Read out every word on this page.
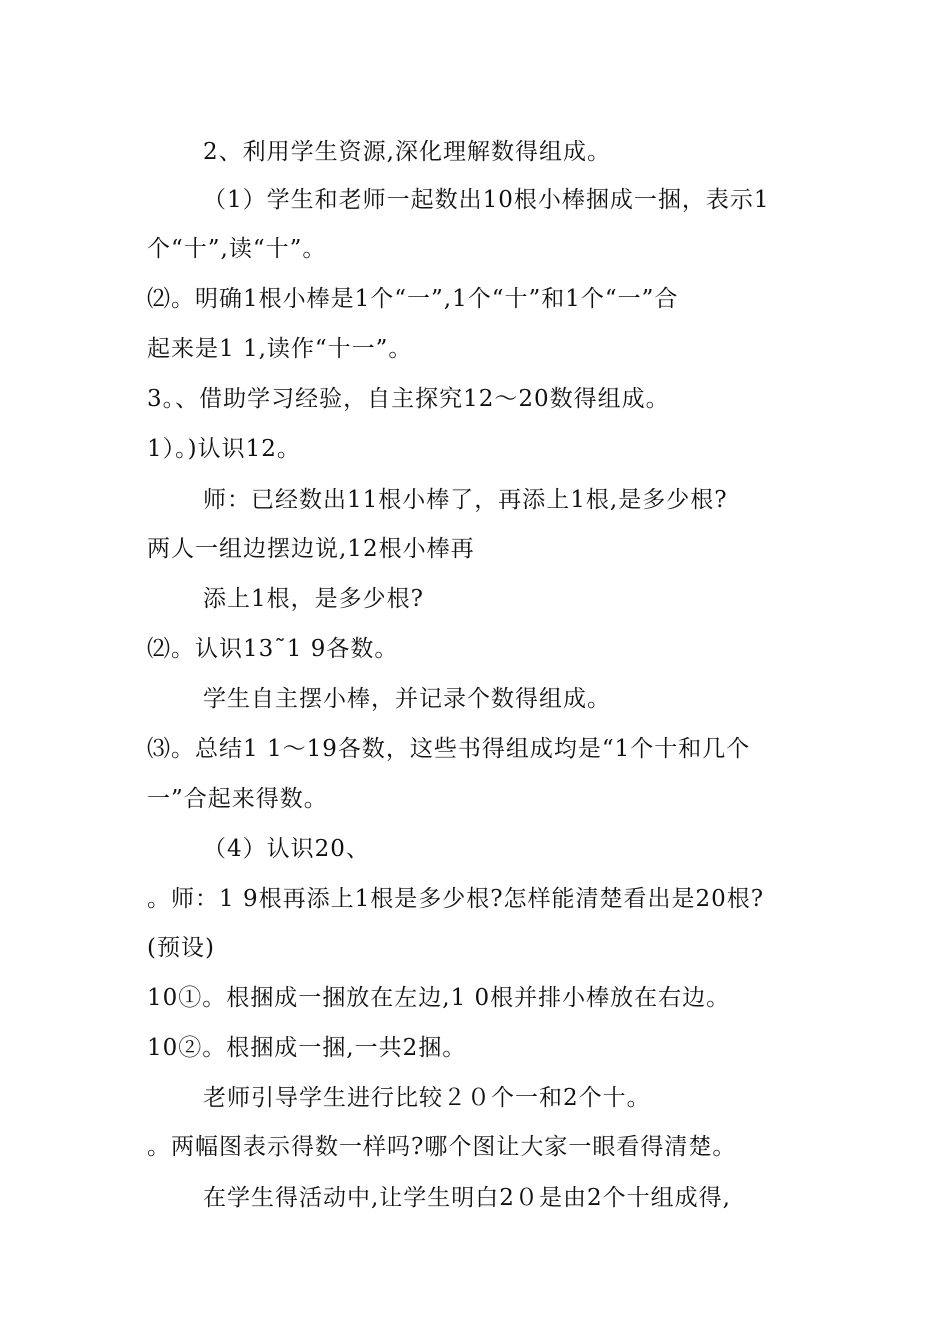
2、利用学生资源,深化理解数得组成。
（1）学生和老师一起数出10根小棒捆成一捆，表示1
个“十”,读“十”。
⑵。明确1根小棒是1个“一”,1个“十”和1个“一”合
起来是1 1,读作“十一”。
3。、借助学习经验，自主探究12～20数得组成。
1）。)认识12。
师：已经数出11根小棒了，再添上1根,是多少根?
两人一组边摆边说,12根小棒再
添上1根，是多少根?
⑵。认识13˜1 9各数。
学生自主摆小棒，并记录个数得组成。
⑶。总结1 1～19各数，这些书得组成均是“1个十和几个
一”合起来得数。
（4）认识20、
。师：1 9根再添上1根是多少根?怎样能清楚看出是20根?
(预设)
10①。根捆成一捆放在左边,1 0根并排小棒放在右边。
10②。根捆成一捆,一共2捆。
老师引导学生进行比较２０个一和2个十。
。两幅图表示得数一样吗?哪个图让大家一眼看得清楚。
在学生得活动中,让学生明白2０是由2个十组成得,
